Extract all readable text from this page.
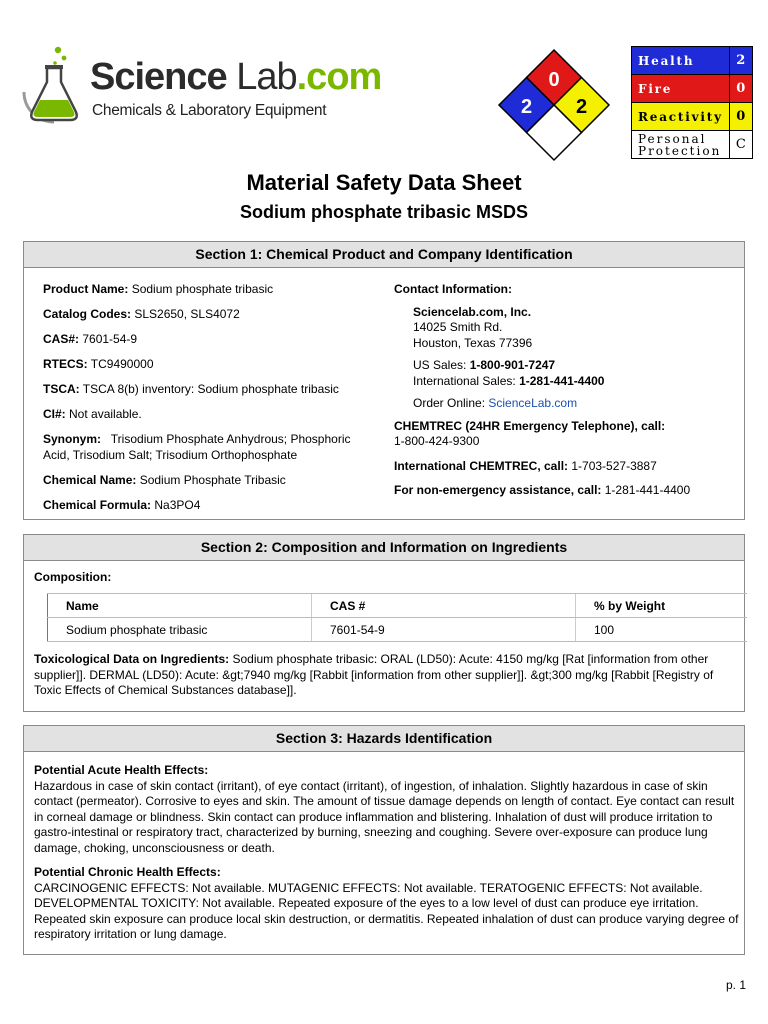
Science Lab.com
Chemicals & Laboratory Equipment
0
2 2
Health	2
Fire	0
Reactivity	0
Personal
Protection	C
Material Safety Data Sheet
Sodium phosphate tribasic MSDS
Section 1: Chemical Product and Company Identification
Product Name: Sodium phosphate tribasic
Catalog Codes: SLS2650, SLS4072
CAS#: 7601-54-9
RTECS: TC9490000
TSCA: TSCA 8(b) inventory: Sodium phosphate tribasic
CI#: Not available.
Synonym:   Trisodium Phosphate Anhydrous; Phosphoric Acid, Trisodium Salt; Trisodium Orthophosphate
Chemical Name: Sodium Phosphate Tribasic
Chemical Formula: Na3PO4
Contact Information:
Sciencelab.com, Inc.
14025 Smith Rd.
Houston, Texas 77396
US Sales: 1-800-901-7247
International Sales: 1-281-441-4400
Order Online: ScienceLab.com
CHEMTREC (24HR Emergency Telephone), call:
1-800-424-9300
International CHEMTREC, call: 1-703-527-3887
For non-emergency assistance, call: 1-281-441-4400
Section 2: Composition and Information on Ingredients
Composition:
Name	CAS #	% by Weight
Sodium phosphate tribasic	7601-54-9	100
Toxicological Data on Ingredients: Sodium phosphate tribasic: ORAL (LD50): Acute: 4150 mg/kg [Rat [information from other supplier]]. DERMAL (LD50): Acute: &gt;7940 mg/kg [Rabbit [information from other supplier]]. &gt;300 mg/kg [Rabbit [Registry of Toxic Effects of Chemical Substances database]].
Section 3: Hazards Identification
Potential Acute Health Effects:
Hazardous in case of skin contact (irritant), of eye contact (irritant), of ingestion, of inhalation. Slightly hazardous in case of skin contact (permeator). Corrosive to eyes and skin. The amount of tissue damage depends on length of contact. Eye contact can result in corneal damage or blindness. Skin contact can produce inflammation and blistering. Inhalation of dust will produce irritation to gastro-intestinal or respiratory tract, characterized by burning, sneezing and coughing. Severe over-exposure can produce lung damage, choking, unconsciousness or death.
Potential Chronic Health Effects:
CARCINOGENIC EFFECTS: Not available. MUTAGENIC EFFECTS: Not available. TERATOGENIC EFFECTS: Not available. DEVELOPMENTAL TOXICITY: Not available. Repeated exposure of the eyes to a low level of dust can produce eye irritation. Repeated skin exposure can produce local skin destruction, or dermatitis. Repeated inhalation of dust can produce varying degree of respiratory irritation or lung damage.
p. 1
